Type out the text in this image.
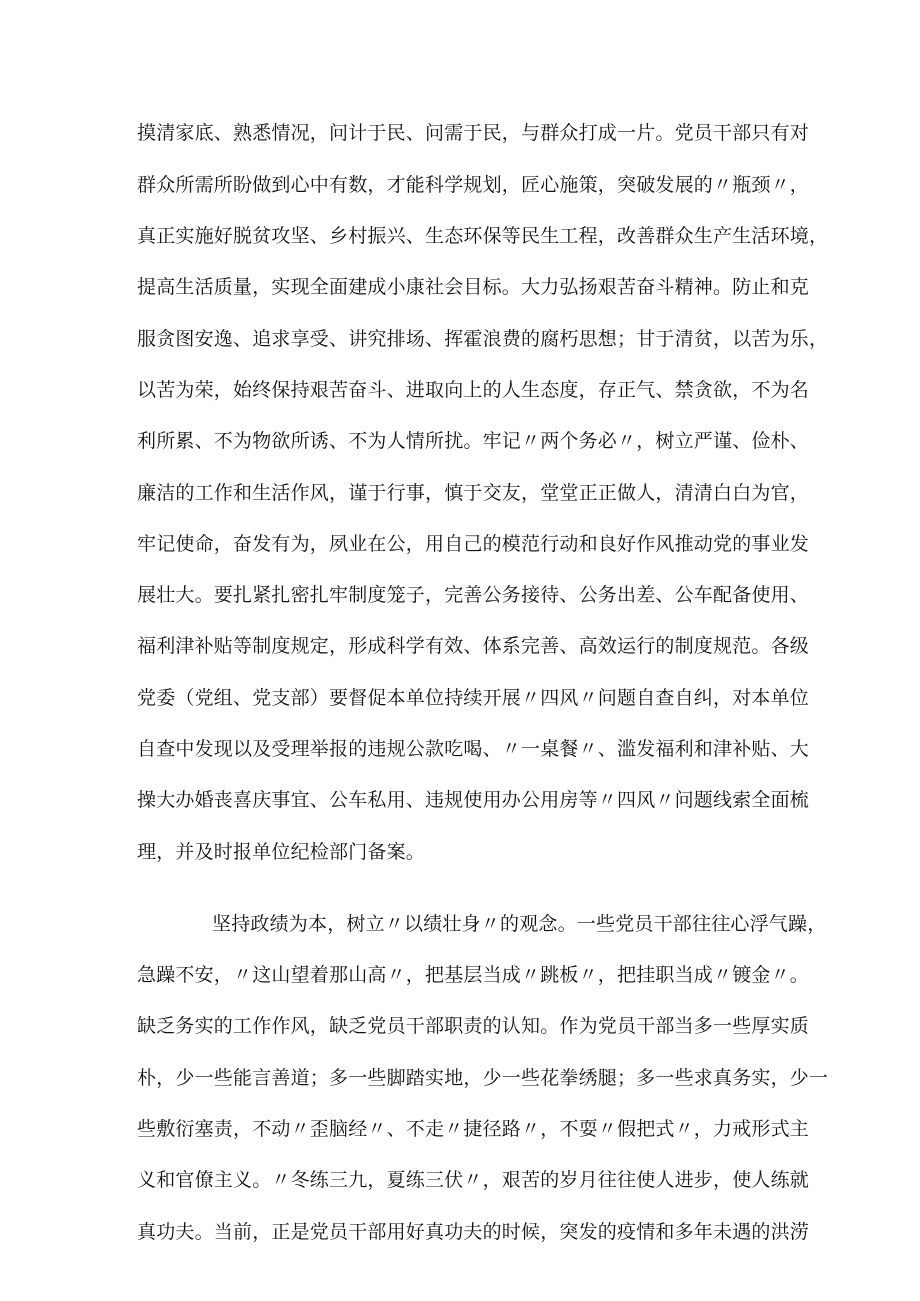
摸清家底、熟悉情况，问计于民、问需于民，与群众打成一片。党员干部只有对
群众所需所盼做到心中有数，才能科学规划，匠心施策，突破发展的〃瓶颈〃，
真正实施好脱贫攻坚、乡村振兴、生态环保等民生工程，改善群众生产生活环境，
提高生活质量，实现全面建成小康社会目标。大力弘扬艰苦奋斗精神。防止和克
服贪图安逸、追求享受、讲究排场、挥霍浪费的腐朽思想；甘于清贫，以苦为乐，
以苦为荣，始终保持艰苦奋斗、进取向上的人生态度，存正气、禁贪欲，不为名
利所累、不为物欲所诱、不为人情所扰。牢记〃两个务必〃，树立严谨、俭朴、
廉洁的工作和生活作风，谨于行事，慎于交友，堂堂正正做人，清清白白为官，
牢记使命，奋发有为，夙业在公，用自己的模范行动和良好作风推动党的事业发
展壮大。要扎紧扎密扎牢制度笼子，完善公务接待、公务出差、公车配备使用、
福利津补贴等制度规定，形成科学有效、体系完善、高效运行的制度规范。各级
党委（党组、党支部）要督促本单位持续开展〃四风〃问题自查自纠，对本单位
自查中发现以及受理举报的违规公款吃喝、〃一桌餐〃、滥发福利和津补贴、大
操大办婚丧喜庆事宜、公车私用、违规使用办公用房等〃四风〃问题线索全面梳
理，并及时报单位纪检部门备案。
坚持政绩为本，树立〃以绩壮身〃的观念。一些党员干部往往心浮气躁，
急躁不安，〃这山望着那山高〃，把基层当成〃跳板〃，把挂职当成〃镀金〃。
缺乏务实的工作作风，缺乏党员干部职责的认知。作为党员干部当多一些厚实质
朴，少一些能言善道；多一些脚踏实地，少一些花拳绣腿；多一些求真务实，少一
些敷衍塞责，不动〃歪脑经〃、不走〃捷径路〃，不耍〃假把式〃，力戒形式主
义和官僚主义。〃冬练三九，夏练三伏〃，艰苦的岁月往往使人进步，使人练就
真功夫。当前，正是党员干部用好真功夫的时候，突发的疫情和多年未遇的洪涝
